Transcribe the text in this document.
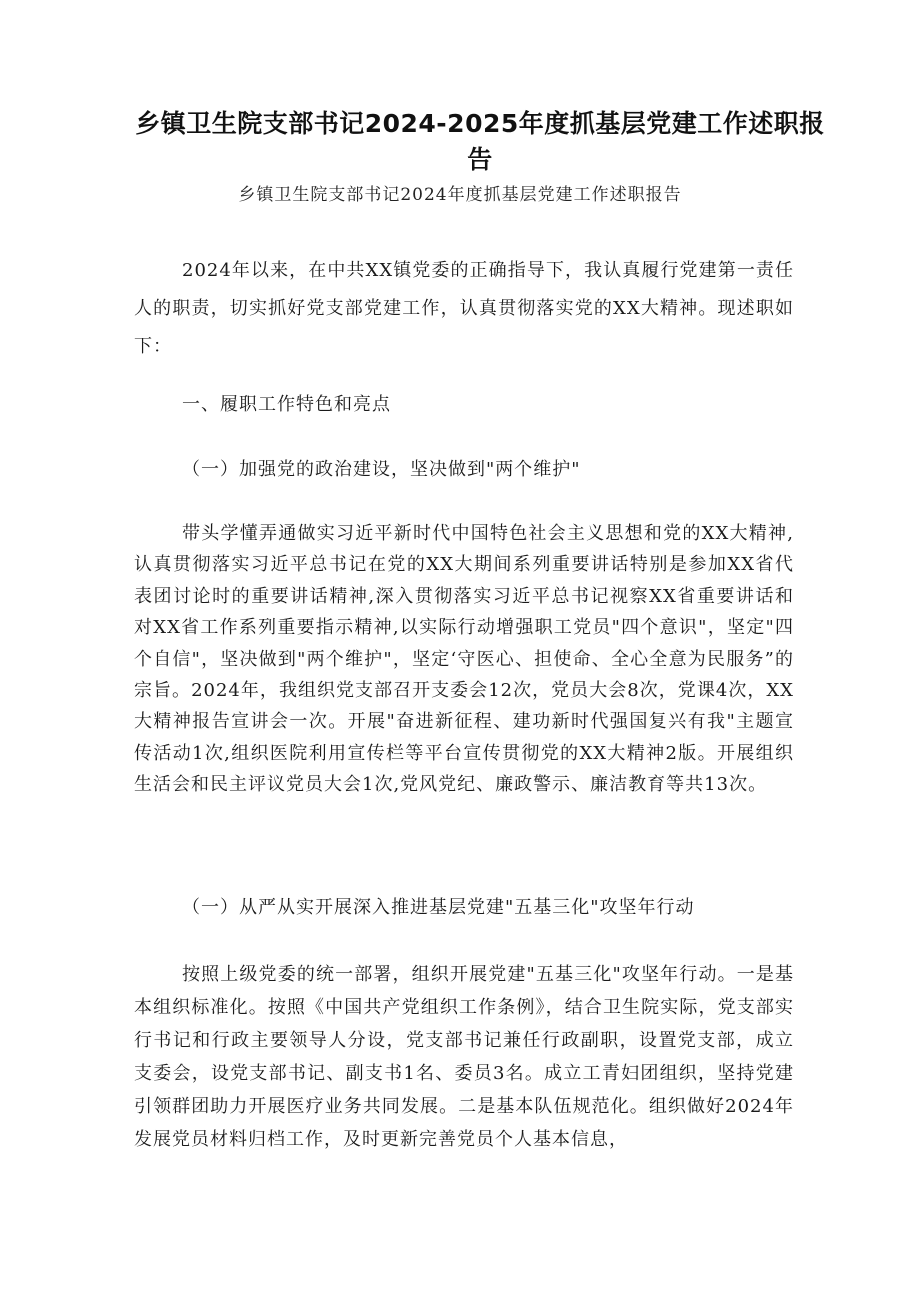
乡镇卫生院支部书记2024-2025年度抓基层党建工作述职报告
乡镇卫生院支部书记2024年度抓基层党建工作述职报告

2024年以来，在中共XX镇党委的正确指导下，我认真履行党建第一责任人的职责，切实抓好党支部党建工作，认真贯彻落实党的XX大精神。现述职如下：

一、履职工作特色和亮点

（一）加强党的政治建设，坚决做到"两个维护"

带头学懂弄通做实习近平新时代中国特色社会主义思想和党的XX大精神,认真贯彻落实习近平总书记在党的XX大期间系列重要讲话特别是参加XX省代表团讨论时的重要讲话精神,深入贯彻落实习近平总书记视察XX省重要讲话和对XX省工作系列重要指示精神,以实际行动增强职工党员"四个意识"，坚定"四个自信"，坚决做到"两个维护"，坚定‘守医心、担使命、全心全意为民服务”的宗旨。2024年，我组织党支部召开支委会12次，党员大会8次，党课4次，XX大精神报告宣讲会一次。开展"奋进新征程、建功新时代强国复兴有我"主题宣传活动1次,组织医院利用宣传栏等平台宣传贯彻党的XX大精神2版。开展组织生活会和民主评议党员大会1次,党风党纪、廉政警示、廉洁教育等共13次。

（一）从严从实开展深入推进基层党建"五基三化"攻坚年行动

按照上级党委的统一部署，组织开展党建"五基三化"攻坚年行动。一是基本组织标准化。按照《中国共产党组织工作条例》，结合卫生院实际，党支部实行书记和行政主要领导人分设，党支部书记兼任行政副职，设置党支部，成立支委会，设党支部书记、副支书1名、委员3名。成立工青妇团组织，坚持党建引领群团助力开展医疗业务共同发展。二是基本队伍规范化。组织做好2024年发展党员材料归档工作，及时更新完善党员个人基本信息，
